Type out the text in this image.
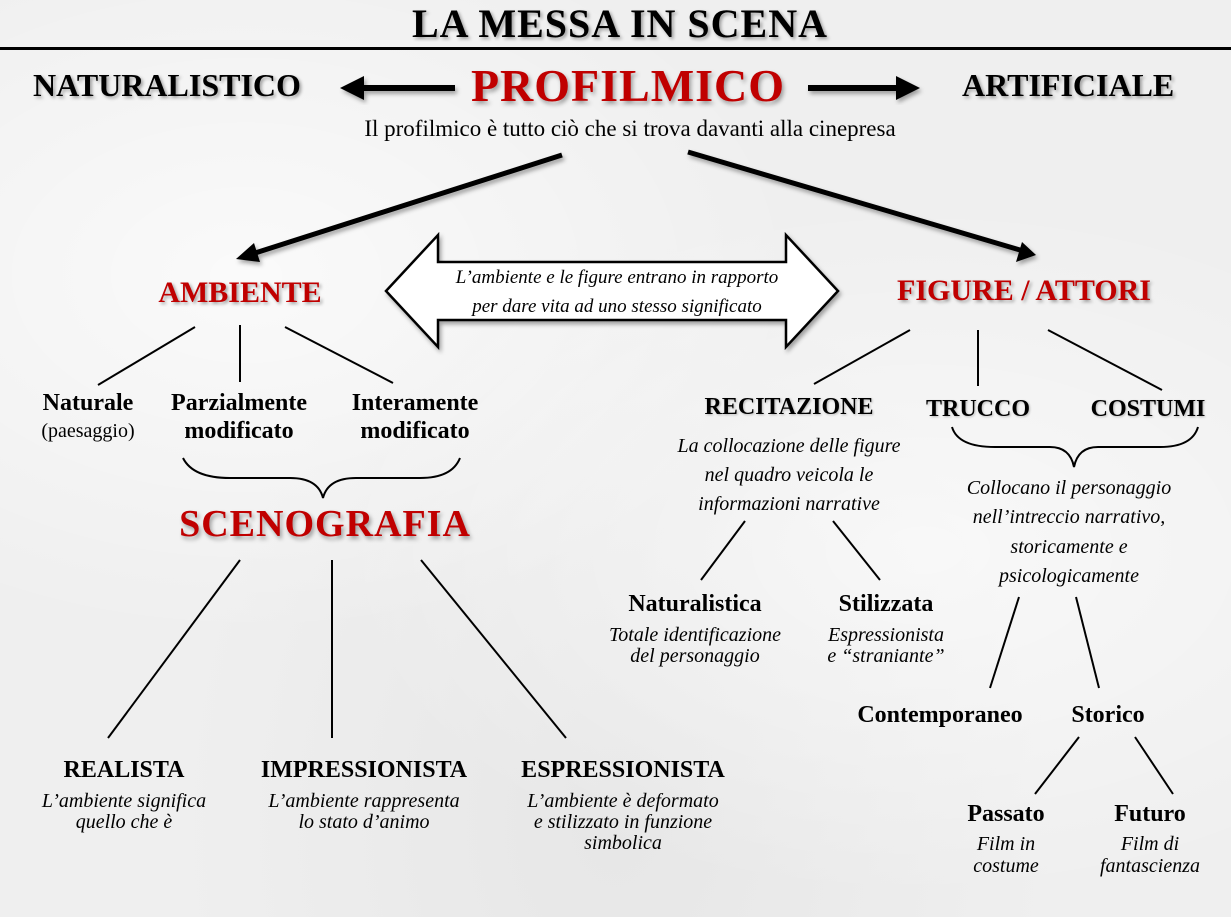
LA MESSA IN SCENA
NATURALISTICO	PROFILMICO	ARTIFICIALE
Il profilmico è tutto ciò che si trova davanti alla cinepresa
AMBIENTE	L’ambiente e le figure entrano in rapporto
per dare vita ad uno stesso significato	FIGURE / ATTORI
Naturale
(paesaggio)
Parzialmente
modificato
Interamente
modificato
SCENOGRAFIA
REALISTA
L’ambiente significa
quello che è
IMPRESSIONISTA
L’ambiente rappresenta
lo stato d’animo
ESPRESSIONISTA
L’ambiente è deformato
e stilizzato in funzione
simbolica
RECITAZIONE TRUCCO	COSTUMI
La collocazione delle figure
nel quadro veicola le
informazioni narrative
Collocano il personaggio
nell’intreccio narrativo,
storicamente e
psicologicamente
Naturalistica
Totale identificazione
del personaggio
Stilizzata
Espressionista
e “straniante”
Contemporaneo Storico
Passato
Film in
costume
Futuro
Film di
fantascienza
